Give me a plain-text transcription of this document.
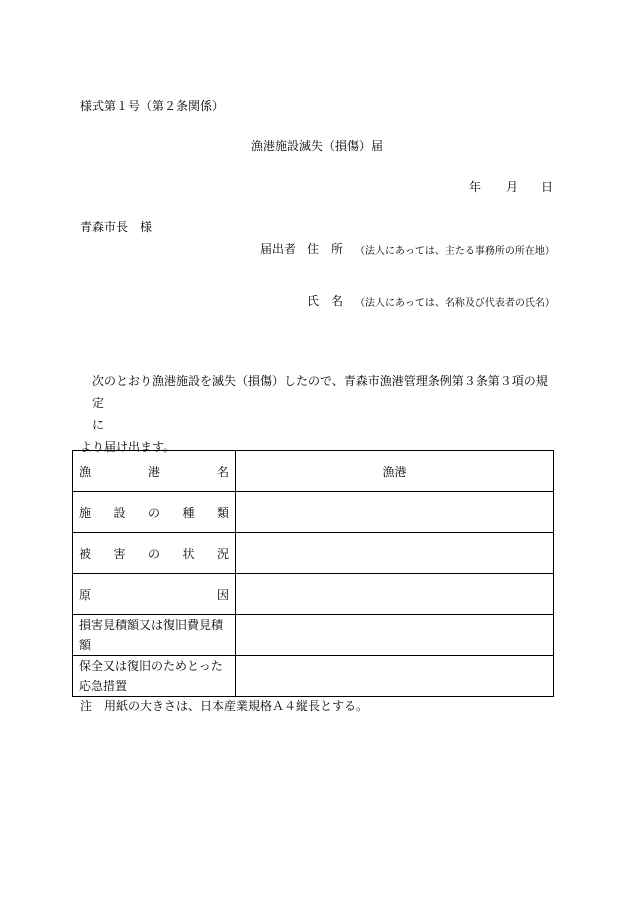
様式第１号（第２条関係）
漁港施設滅失（損傷）届
年 月 日
青森市長　様
届出者 住　所 （法人にあっては、主たる事務所の所在地）
氏　名 （法人にあっては、名称及び代表者の氏名）
次のとおり漁港施設を滅失（損傷）したので、青森市漁港管理条例第３条第３項の規定
に
より届け出ます。
漁港名	漁港
施設の種類	
被害の状況	
原因	
損害見積額又は復旧費見積額	
保全又は復旧のためとった応急措置	
注　用紙の大きさは、日本産業規格Ａ４縦長とする。
